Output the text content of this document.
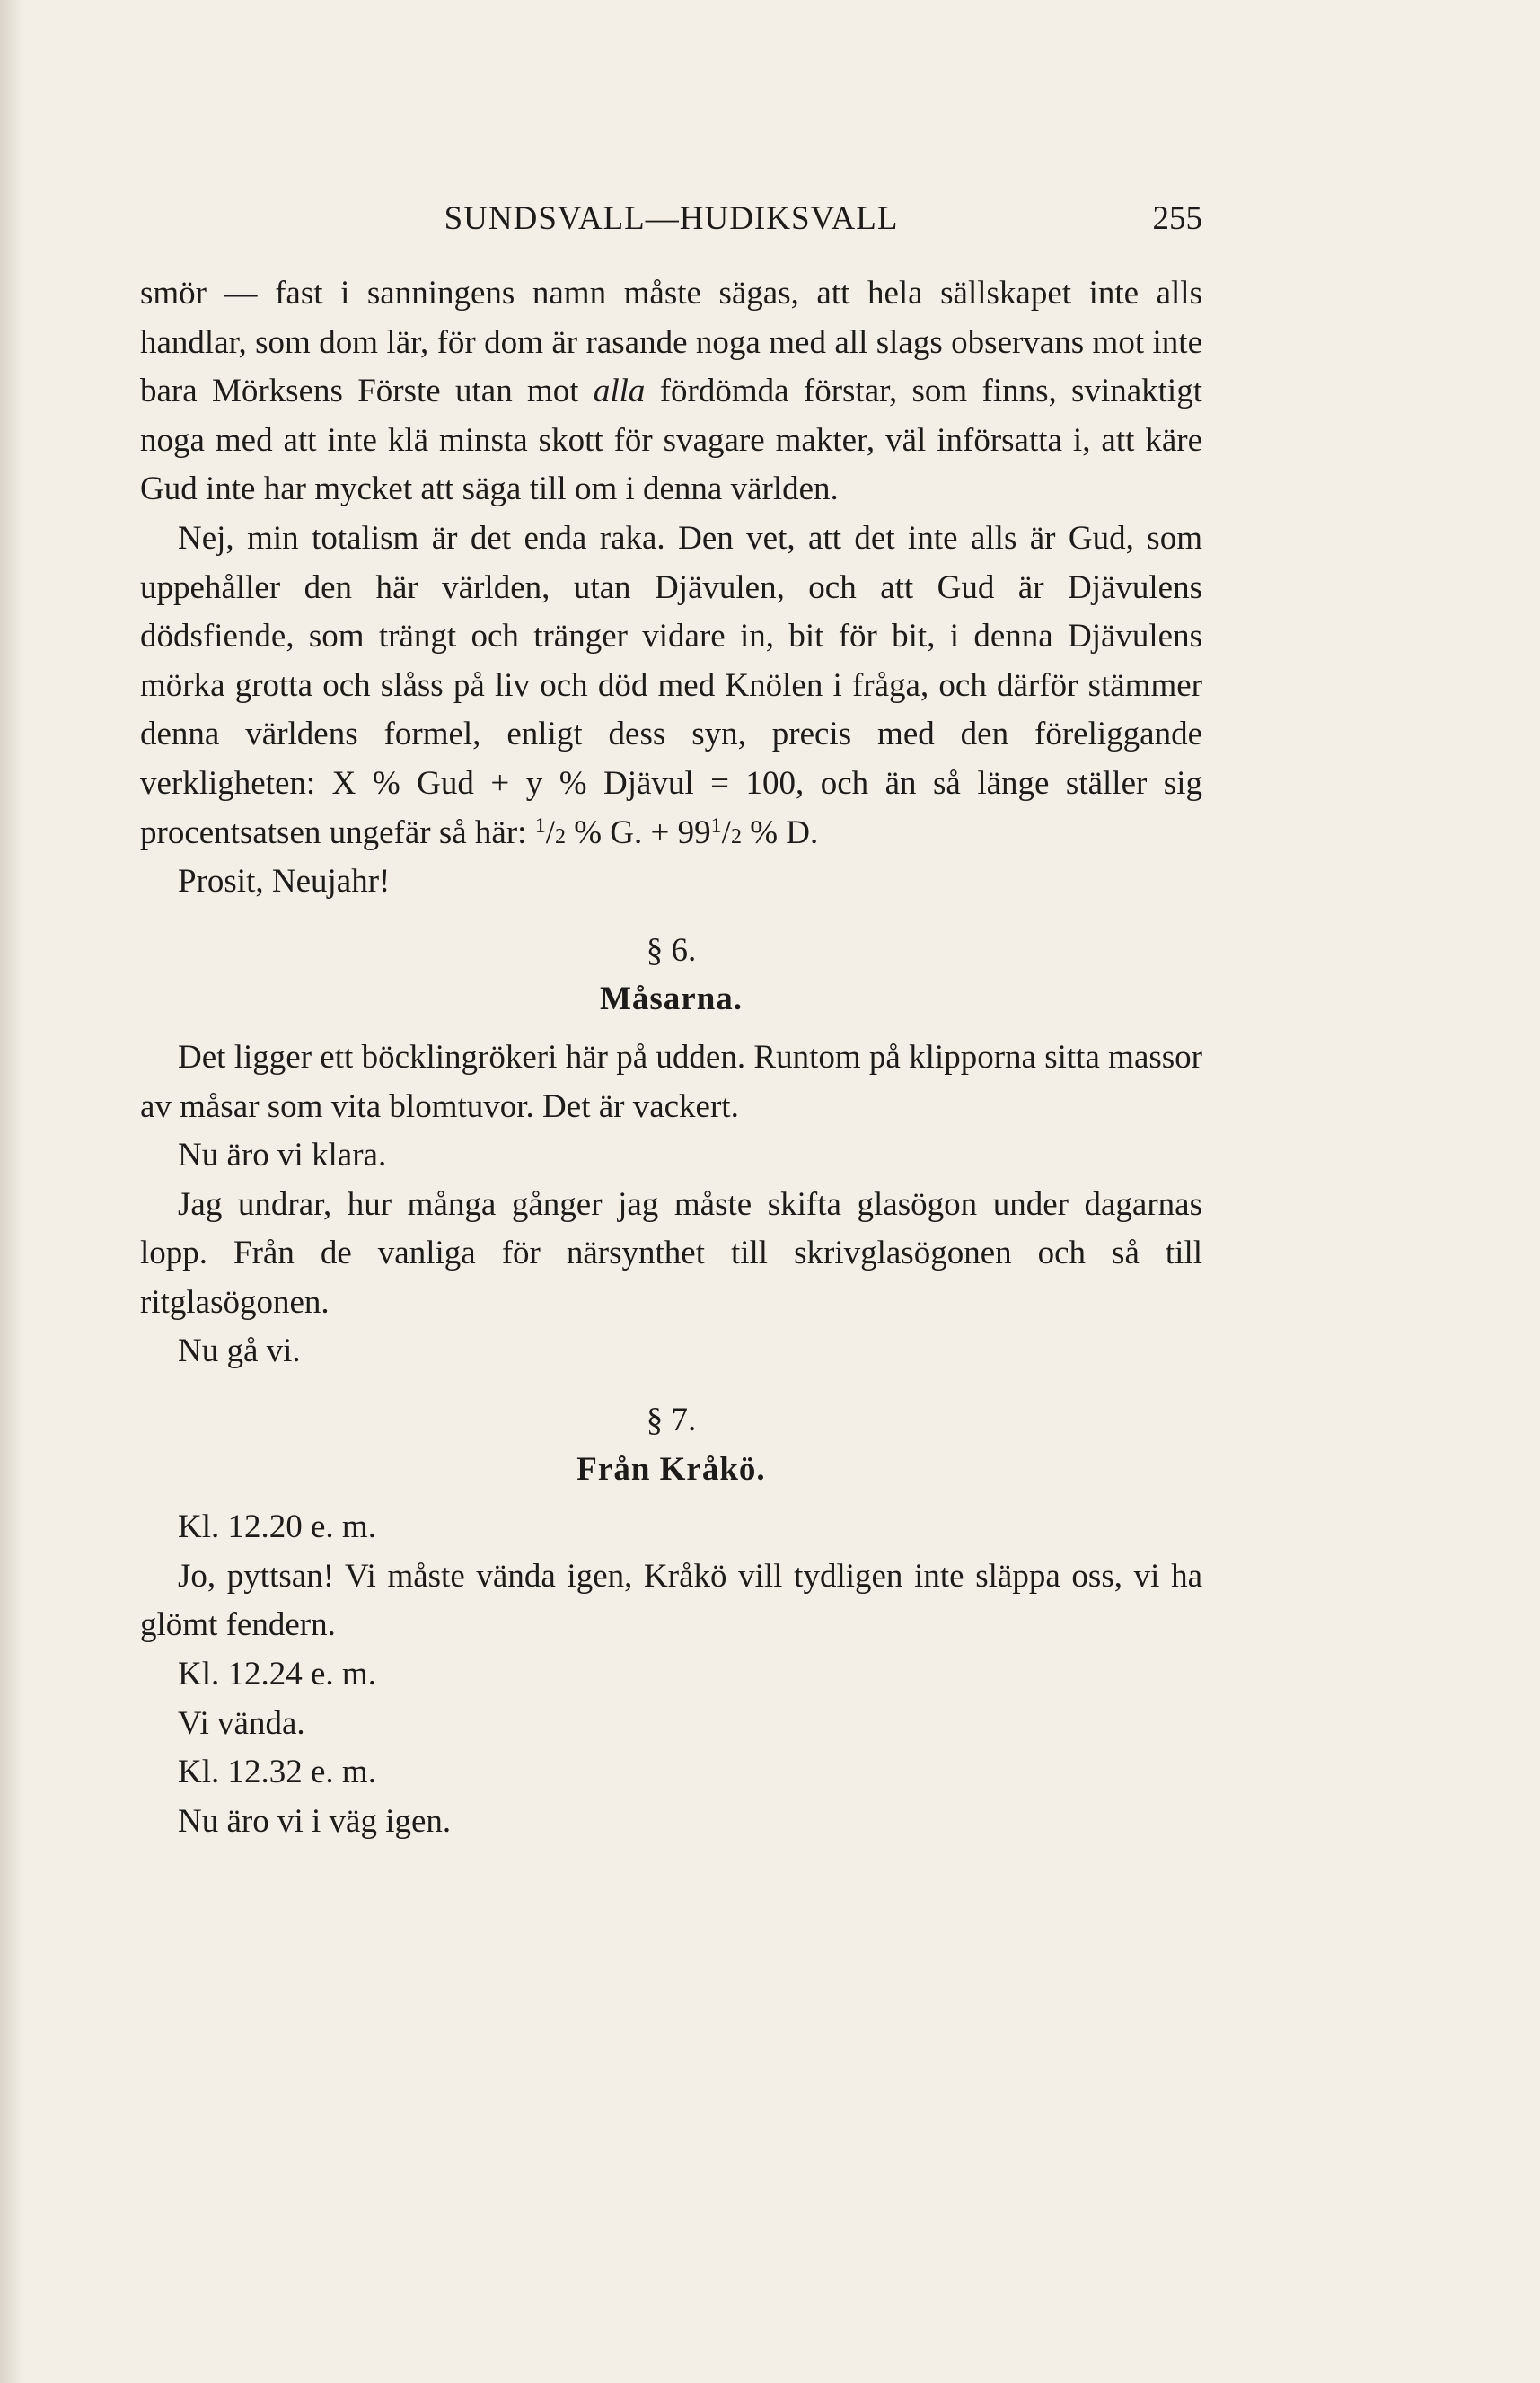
SUNDSVALL—HUDIKSVALL	255

smör — fast i sanningens namn måste sägas, att hela sällskapet inte alls handlar, som dom lär, för dom är rasande noga med all slags observans mot inte bara Mörksens Förste utan mot alla fördömda förstar, som finns, svinaktigt noga med att inte klä minsta skott för svagare makter, väl införsatta i, att käre Gud inte har mycket att säga till om i denna världen.

Nej, min totalism är det enda raka. Den vet, att det inte alls är Gud, som uppehåller den här världen, utan Djävulen, och att Gud är Djävulens dödsfiende, som trängt och tränger vidare in, bit för bit, i denna Djävulens mörka grotta och slåss på liv och död med Knölen i fråga, och därför stämmer denna världens formel, enligt dess syn, precis med den föreliggande verkligheten: X % Gud + y % Djävul = 100, och än så länge ställer sig procentsatsen ungefär så här: $^1$/2 % G. + $99^1/2$ % D.

Prosit, Neujahr!

§ 6.

Måsarna.

Det ligger ett böcklingrökeri här på udden. Runtom på klipporna sitta massor av måsar som vita blomtuvor. Det är vackert.

Nu äro vi klara.

Jag undrar, hur många gånger jag måste skifta glasögon under dagarnas lopp. Från de vanliga för närsynthet till skrivglasögonen och så till ritglasögonen.

Nu gå vi.

§ 7.

Från Kråkö.

Kl. 12.20 e. m.

Jo, pyttsan! Vi måste vända igen, Kråkö vill tydligen inte släppa oss, vi ha glömt fendern.

Kl. 12.24 e. m.

Vi vända.

Kl. 12.32 e. m.

Nu äro vi i väg igen.
